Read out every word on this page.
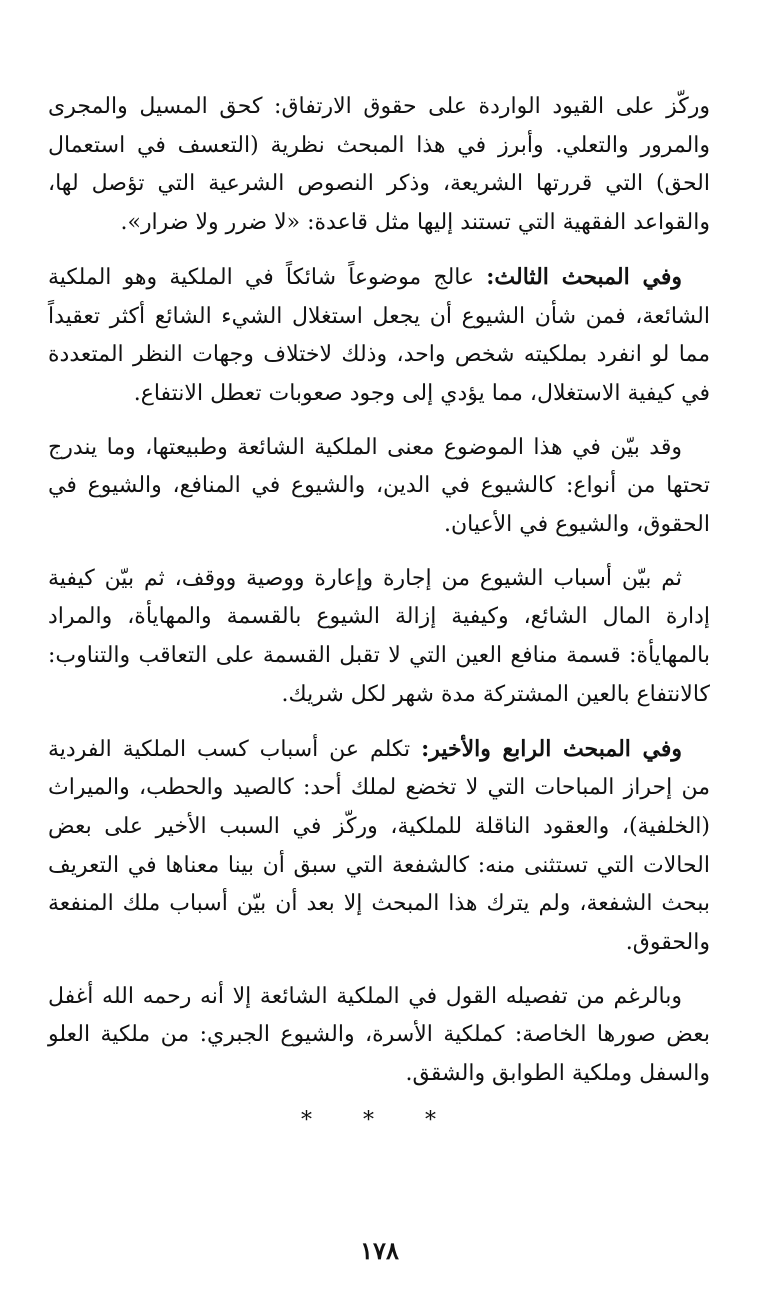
وركّز على القيود الواردة على حقوق الارتفاق: كحق المسيل والمجرى والمرور والتعلي. وأبرز في هذا المبحث نظرية (التعسف في استعمال الحق) التي قررتها الشريعة، وذكر النصوص الشرعية التي تؤصل لها، والقواعد الفقهية التي تستند إليها مثل قاعدة: «لا ضرر ولا ضرار».

وفي المبحث الثالث: عالج موضوعاً شائكاً في الملكية وهو الملكية الشائعة، فمن شأن الشيوع أن يجعل استغلال الشيء الشائع أكثر تعقيداً مما لو انفرد بملكيته شخص واحد، وذلك لاختلاف وجهات النظر المتعددة في كيفية الاستغلال، مما يؤدي إلى وجود صعوبات تعطل الانتفاع.

وقد بيّن في هذا الموضوع معنى الملكية الشائعة وطبيعتها، وما يندرج تحتها من أنواع: كالشيوع في الدين، والشيوع في المنافع، والشيوع في الحقوق، والشيوع في الأعيان.

ثم بيّن أسباب الشيوع من إجارة وإعارة ووصية ووقف، ثم بيّن كيفية إدارة المال الشائع، وكيفية إزالة الشيوع بالقسمة والمهايأة، والمراد بالمهايأة: قسمة منافع العين التي لا تقبل القسمة على التعاقب والتناوب: كالانتفاع بالعين المشتركة مدة شهر لكل شريك.

وفي المبحث الرابع والأخير: تكلم عن أسباب كسب الملكية الفردية من إحراز المباحات التي لا تخضع لملك أحد: كالصيد والحطب، والميراث (الخلفية)، والعقود الناقلة للملكية، وركّز في السبب الأخير على بعض الحالات التي تستثنى منه: كالشفعة التي سبق أن بينا معناها في التعريف ببحث الشفعة، ولم يترك هذا المبحث إلا بعد أن بيّن أسباب ملك المنفعة والحقوق.

وبالرغم من تفصيله القول في الملكية الشائعة إلا أنه رحمه الله أغفل بعض صورها الخاصة: كملكية الأسرة، والشيوع الجبري: من ملكية العلو والسفل وملكية الطوابق والشقق.

* * *
١٧٨
